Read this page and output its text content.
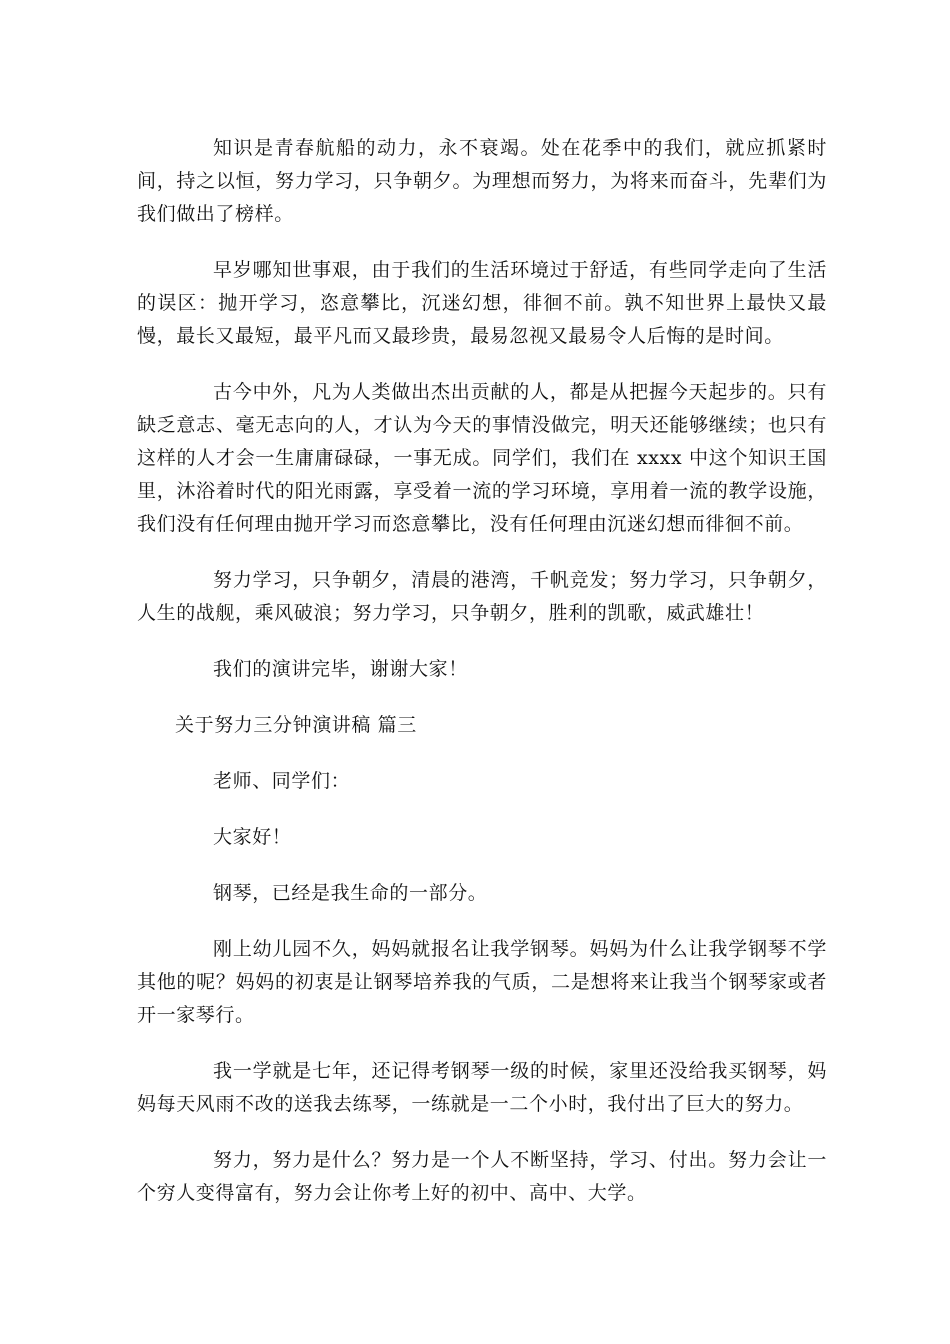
知识是青春航船的动力，永不衰竭。处在花季中的我们，就应抓紧时间，持之以恒，努力学习，只争朝夕。为理想而努力，为将来而奋斗，先辈们为我们做出了榜样。

早岁哪知世事艰，由于我们的生活环境过于舒适，有些同学走向了生活的误区：抛开学习，恣意攀比，沉迷幻想，徘徊不前。孰不知世界上最快又最慢，最长又最短，最平凡而又最珍贵，最易忽视又最易令人后悔的是时间。

古今中外，凡为人类做出杰出贡献的人，都是从把握今天起步的。只有缺乏意志、毫无志向的人，才认为今天的事情没做完，明天还能够继续；也只有这样的人才会一生庸庸碌碌，一事无成。同学们，我们在 xxxx 中这个知识王国里，沐浴着时代的阳光雨露，享受着一流的学习环境，享用着一流的教学设施，我们没有任何理由抛开学习而恣意攀比，没有任何理由沉迷幻想而徘徊不前。

努力学习，只争朝夕，清晨的港湾，千帆竞发；努力学习，只争朝夕，人生的战舰，乘风破浪；努力学习，只争朝夕，胜利的凯歌，威武雄壮！

我们的演讲完毕，谢谢大家！

关于努力三分钟演讲稿 篇三

老师、同学们：

大家好！

钢琴，已经是我生命的一部分。

刚上幼儿园不久，妈妈就报名让我学钢琴。妈妈为什么让我学钢琴不学其他的呢？妈妈的初衷是让钢琴培养我的气质，二是想将来让我当个钢琴家或者开一家琴行。

我一学就是七年，还记得考钢琴一级的时候，家里还没给我买钢琴，妈妈每天风雨不改的送我去练琴，一练就是一二个小时，我付出了巨大的努力。

努力，努力是什么？努力是一个人不断坚持，学习、付出。努力会让一个穷人变得富有，努力会让你考上好的初中、高中、大学。
